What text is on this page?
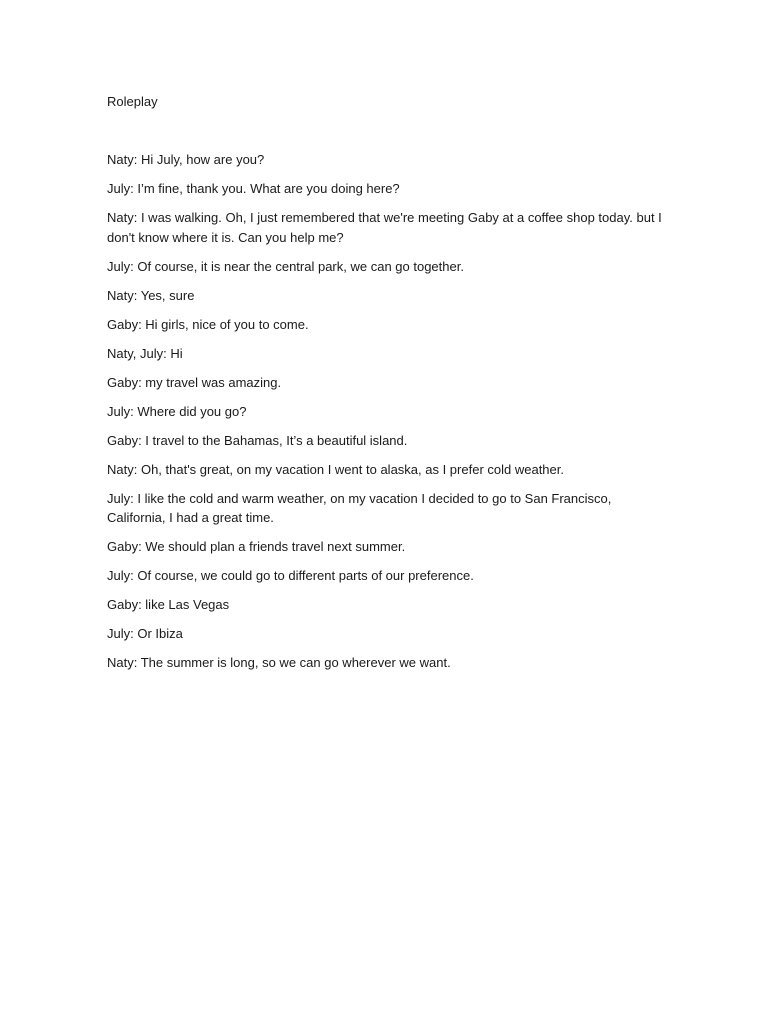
Roleplay
Naty: Hi July, how are you?
July: I’m fine, thank you. What are you doing here?
Naty: I was walking. Oh, I just remembered that we're meeting Gaby at a coffee shop today. but I don't know where it is. Can you help me?
July: Of course, it is near the central park, we can go together.
Naty: Yes, sure
Gaby: Hi girls, nice of you to come.
Naty, July: Hi
Gaby: my travel was amazing.
July: Where did you go?
Gaby: I travel to the Bahamas, It’s a beautiful island.
Naty: Oh, that's great, on my vacation I went to alaska, as I prefer cold weather.
July: I like the cold and warm weather, on my vacation I decided to go to San Francisco, California, I had a great time.
Gaby: We should plan a friends travel next summer.
July: Of course, we could go to different parts of our preference.
Gaby: like Las Vegas
July: Or Ibiza
Naty: The summer is long, so we can go wherever we want.
